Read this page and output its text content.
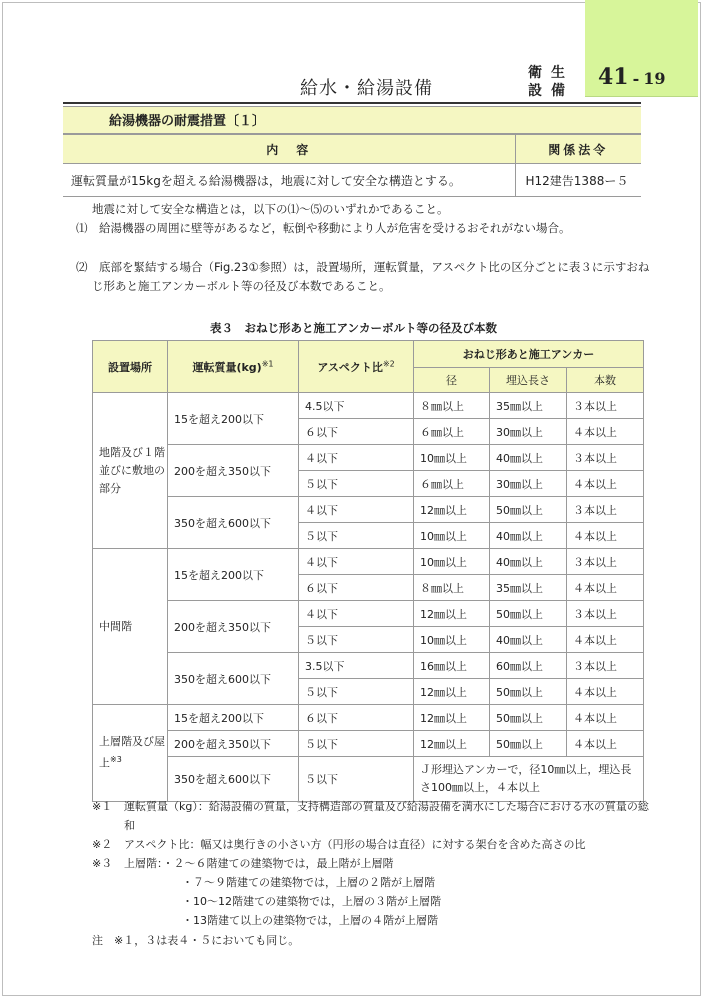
41 - 19
衛生設備
給水・給湯設備
給湯機器の耐震措置〔１〕
内　容	関係法令
運転質量が15kgを超える給湯機器は，地震に対して安全な構造とする。	H12建告1388ー５

地震に対して安全な構造とは，以下の⑴～⑸のいずれかであること。

⑴　給湯機器の周囲に壁等があるなど，転倒や移動により人が危害を受けるおそれがない場合。

⑵　底部を緊結する場合（Fig.23①参照）は，設置場所，運転質量，アスペクト比の区分ごとに表３に示すおねじ形あと施工アンカーボルト等の径及び本数であること。

表３　おねじ形あと施工アンカーボルト等の径及び本数
設置場所	運転質量(kg)$^{※1}$	アスペクト比$^{※2}$	おねじ形あと施工アンカー		
			径	埋込長さ	本数
地階及び１階並びに敷地の部分	15を超え200以下	4.5以下	８㎜以上	35㎜以上	３本以上
		６以下	６㎜以上	30㎜以上	４本以上
	200を超え350以下	４以下	10㎜以上	40㎜以上	３本以上
		５以下	６㎜以上	30㎜以上	４本以上
	350を超え600以下	４以下	12㎜以上	50㎜以上	３本以上
		５以下	10㎜以上	40㎜以上	４本以上
中間階	15を超え200以下	４以下	10㎜以上	40㎜以上	３本以上
		６以下	８㎜以上	35㎜以上	４本以上
	200を超え350以下	４以下	12㎜以上	50㎜以上	３本以上
		５以下	10㎜以上	40㎜以上	４本以上
	350を超え600以下	3.5以下	16㎜以上	60㎜以上	３本以上
		５以下	12㎜以上	50㎜以上	４本以上
上層階及び屋上$^{※3}$	15を超え200以下	６以下	12㎜以上	50㎜以上	４本以上
	200を超え350以下	５以下	12㎜以上	50㎜以上	４本以上
	350を超え600以下	５以下	Ｊ形埋込アンカーで，径10㎜以上，埋込長さ100㎜以上，４本以上		

※１ 運転質量（kg）：給湯設備の質量，支持構造部の質量及び給湯設備を満水にした場合における水の質量の総和

※２ アスペクト比：幅又は奥行きの小さい方（円形の場合は直径）に対する架台を含めた高さの比

※３ 上層階：・２～６階建ての建築物では，最上階が上層階

・７～９階建ての建築物では，上層の２階が上層階

・10～12階建ての建築物では，上層の３階が上層階

・13階建て以上の建築物では，上層の４階が上層階

注　※１，３は表４・５においても同じ。
